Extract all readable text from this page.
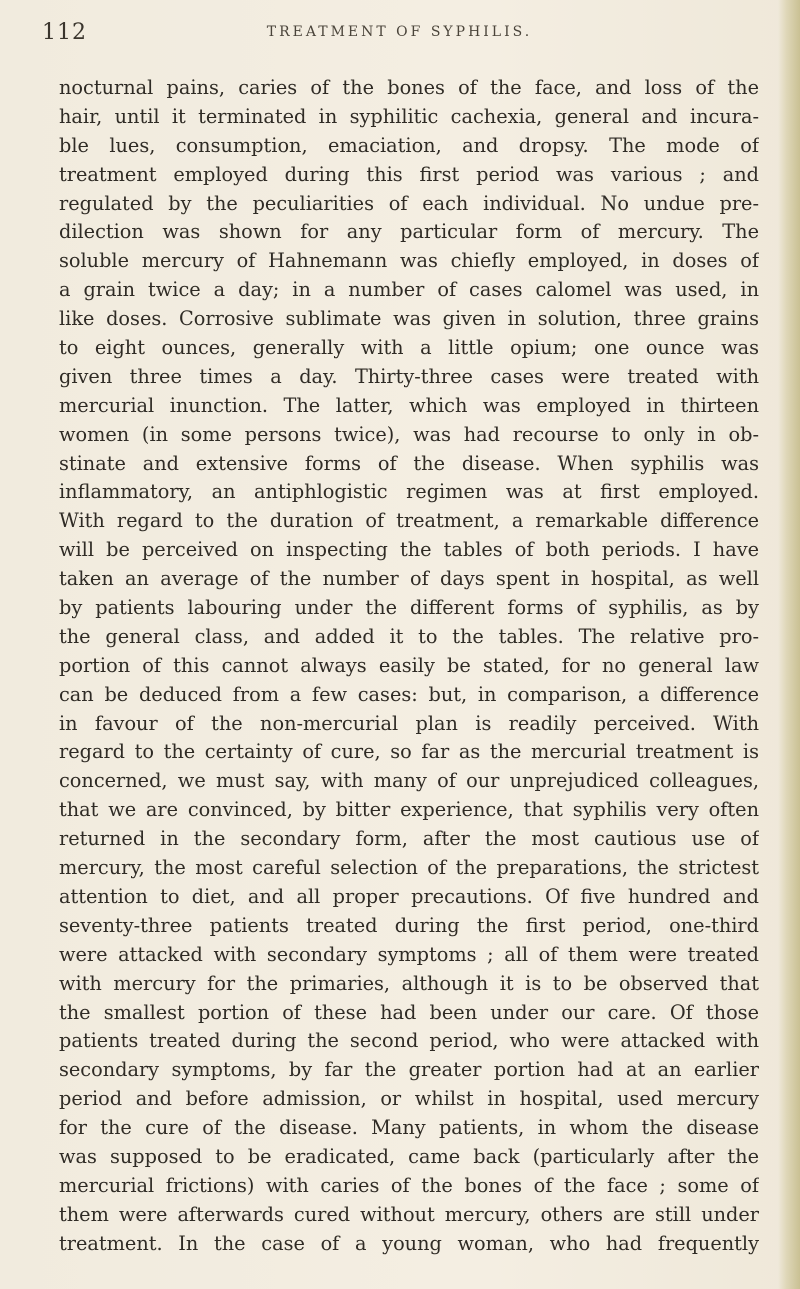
112	TREATMENT OF SYPHILIS.
nocturnal pains, caries of the bones of the face, and loss of the
hair, until it terminated in syphilitic cachexia, general and incura-
ble lues, consumption, emaciation, and dropsy. The mode of
treatment employed during this first period was various ; and
regulated by the peculiarities of each individual. No undue pre-
dilection was shown for any particular form of mercury. The
soluble mercury of Hahnemann was chiefly employed, in doses of
a grain twice a day; in a number of cases calomel was used, in
like doses. Corrosive sublimate was given in solution, three grains
to eight ounces, generally with a little opium; one ounce was
given three times a day. Thirty-three cases were treated with
mercurial inunction. The latter, which was employed in thirteen
women (in some persons twice), was had recourse to only in ob-
stinate and extensive forms of the disease. When syphilis was
inflammatory, an antiphlogistic regimen was at first employed.
With regard to the duration of treatment, a remarkable difference
will be perceived on inspecting the tables of both periods. I have
taken an average of the number of days spent in hospital, as well
by patients labouring under the different forms of syphilis, as by
the general class, and added it to the tables. The relative pro-
portion of this cannot always easily be stated, for no general law
can be deduced from a few cases: but, in comparison, a difference
in favour of the non-mercurial plan is readily perceived. With
regard to the certainty of cure, so far as the mercurial treatment is
concerned, we must say, with many of our unprejudiced colleagues,
that we are convinced, by bitter experience, that syphilis very often
returned in the secondary form, after the most cautious use of
mercury, the most careful selection of the preparations, the strictest
attention to diet, and all proper precautions. Of five hundred and
seventy-three patients treated during the first period, one-third
were attacked with secondary symptoms ; all of them were treated
with mercury for the primaries, although it is to be observed that
the smallest portion of these had been under our care. Of those
patients treated during the second period, who were attacked with
secondary symptoms, by far the greater portion had at an earlier
period and before admission, or whilst in hospital, used mercury
for the cure of the disease. Many patients, in whom the disease
was supposed to be eradicated, came back (particularly after the
mercurial frictions) with caries of the bones of the face ; some of
them were afterwards cured without mercury, others are still under
treatment. In the case of a young woman, who had frequently
